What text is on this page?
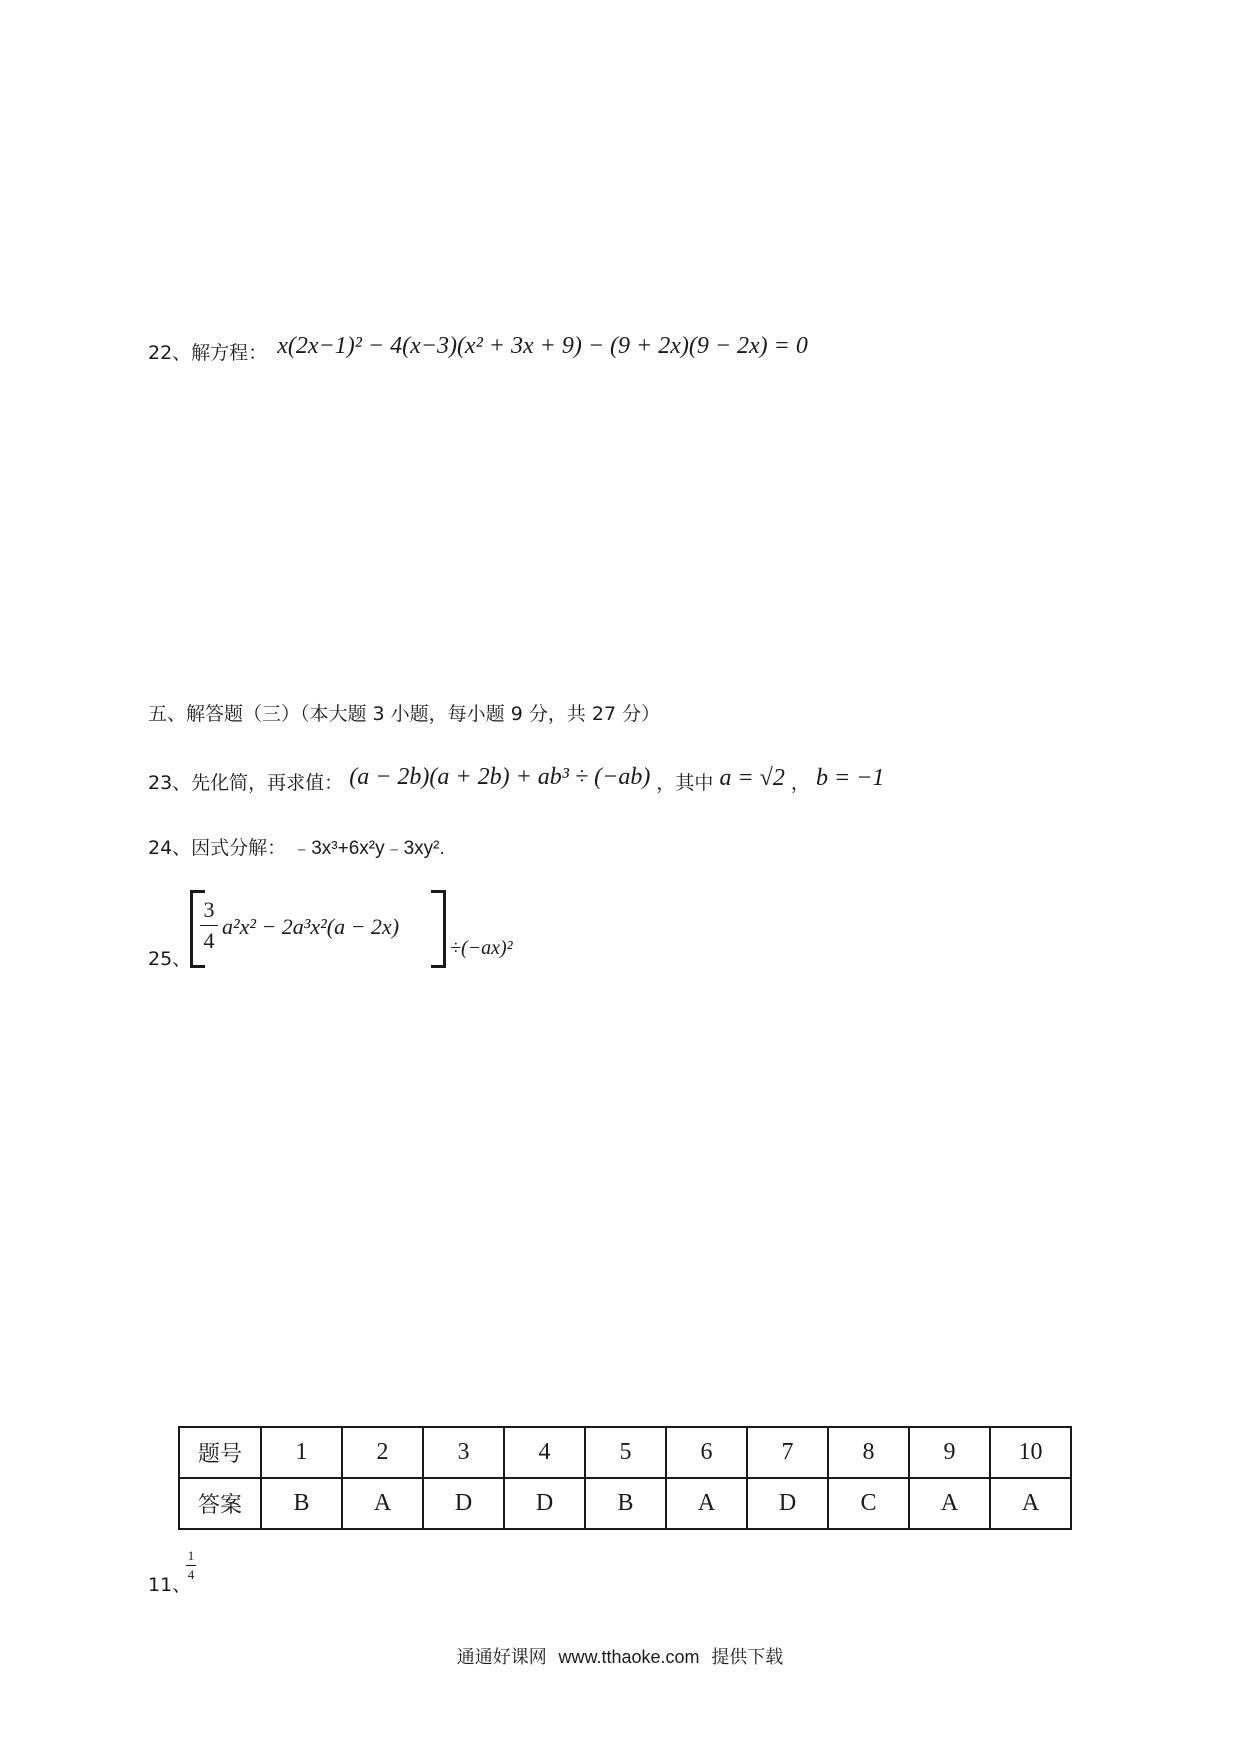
22、解方程： x(2x−1)² − 4(x−3)(x² + 3x + 9) − (9 + 2x)(9 − 2x) = 0
五、解答题（三）（本大题 3 小题，每小题 9 分，共 27 分）
23、先化简，再求值： (a − 2b)(a + 2b) + ab³ ÷ (−ab) ，其中 a = √2 ， b = −1
24、因式分解： ﹣3x³+6x²y﹣3xy².
25、
3
4
a²x² − 2a³x²(a − 2x)
÷(−ax)²
题号	1	2	3	4	5	6	7	8	9	10
答案	B	A	D	D	B	A	D	C	A	A
11、
1
4
通通好课网 www.tthaoke.com 提供下载
